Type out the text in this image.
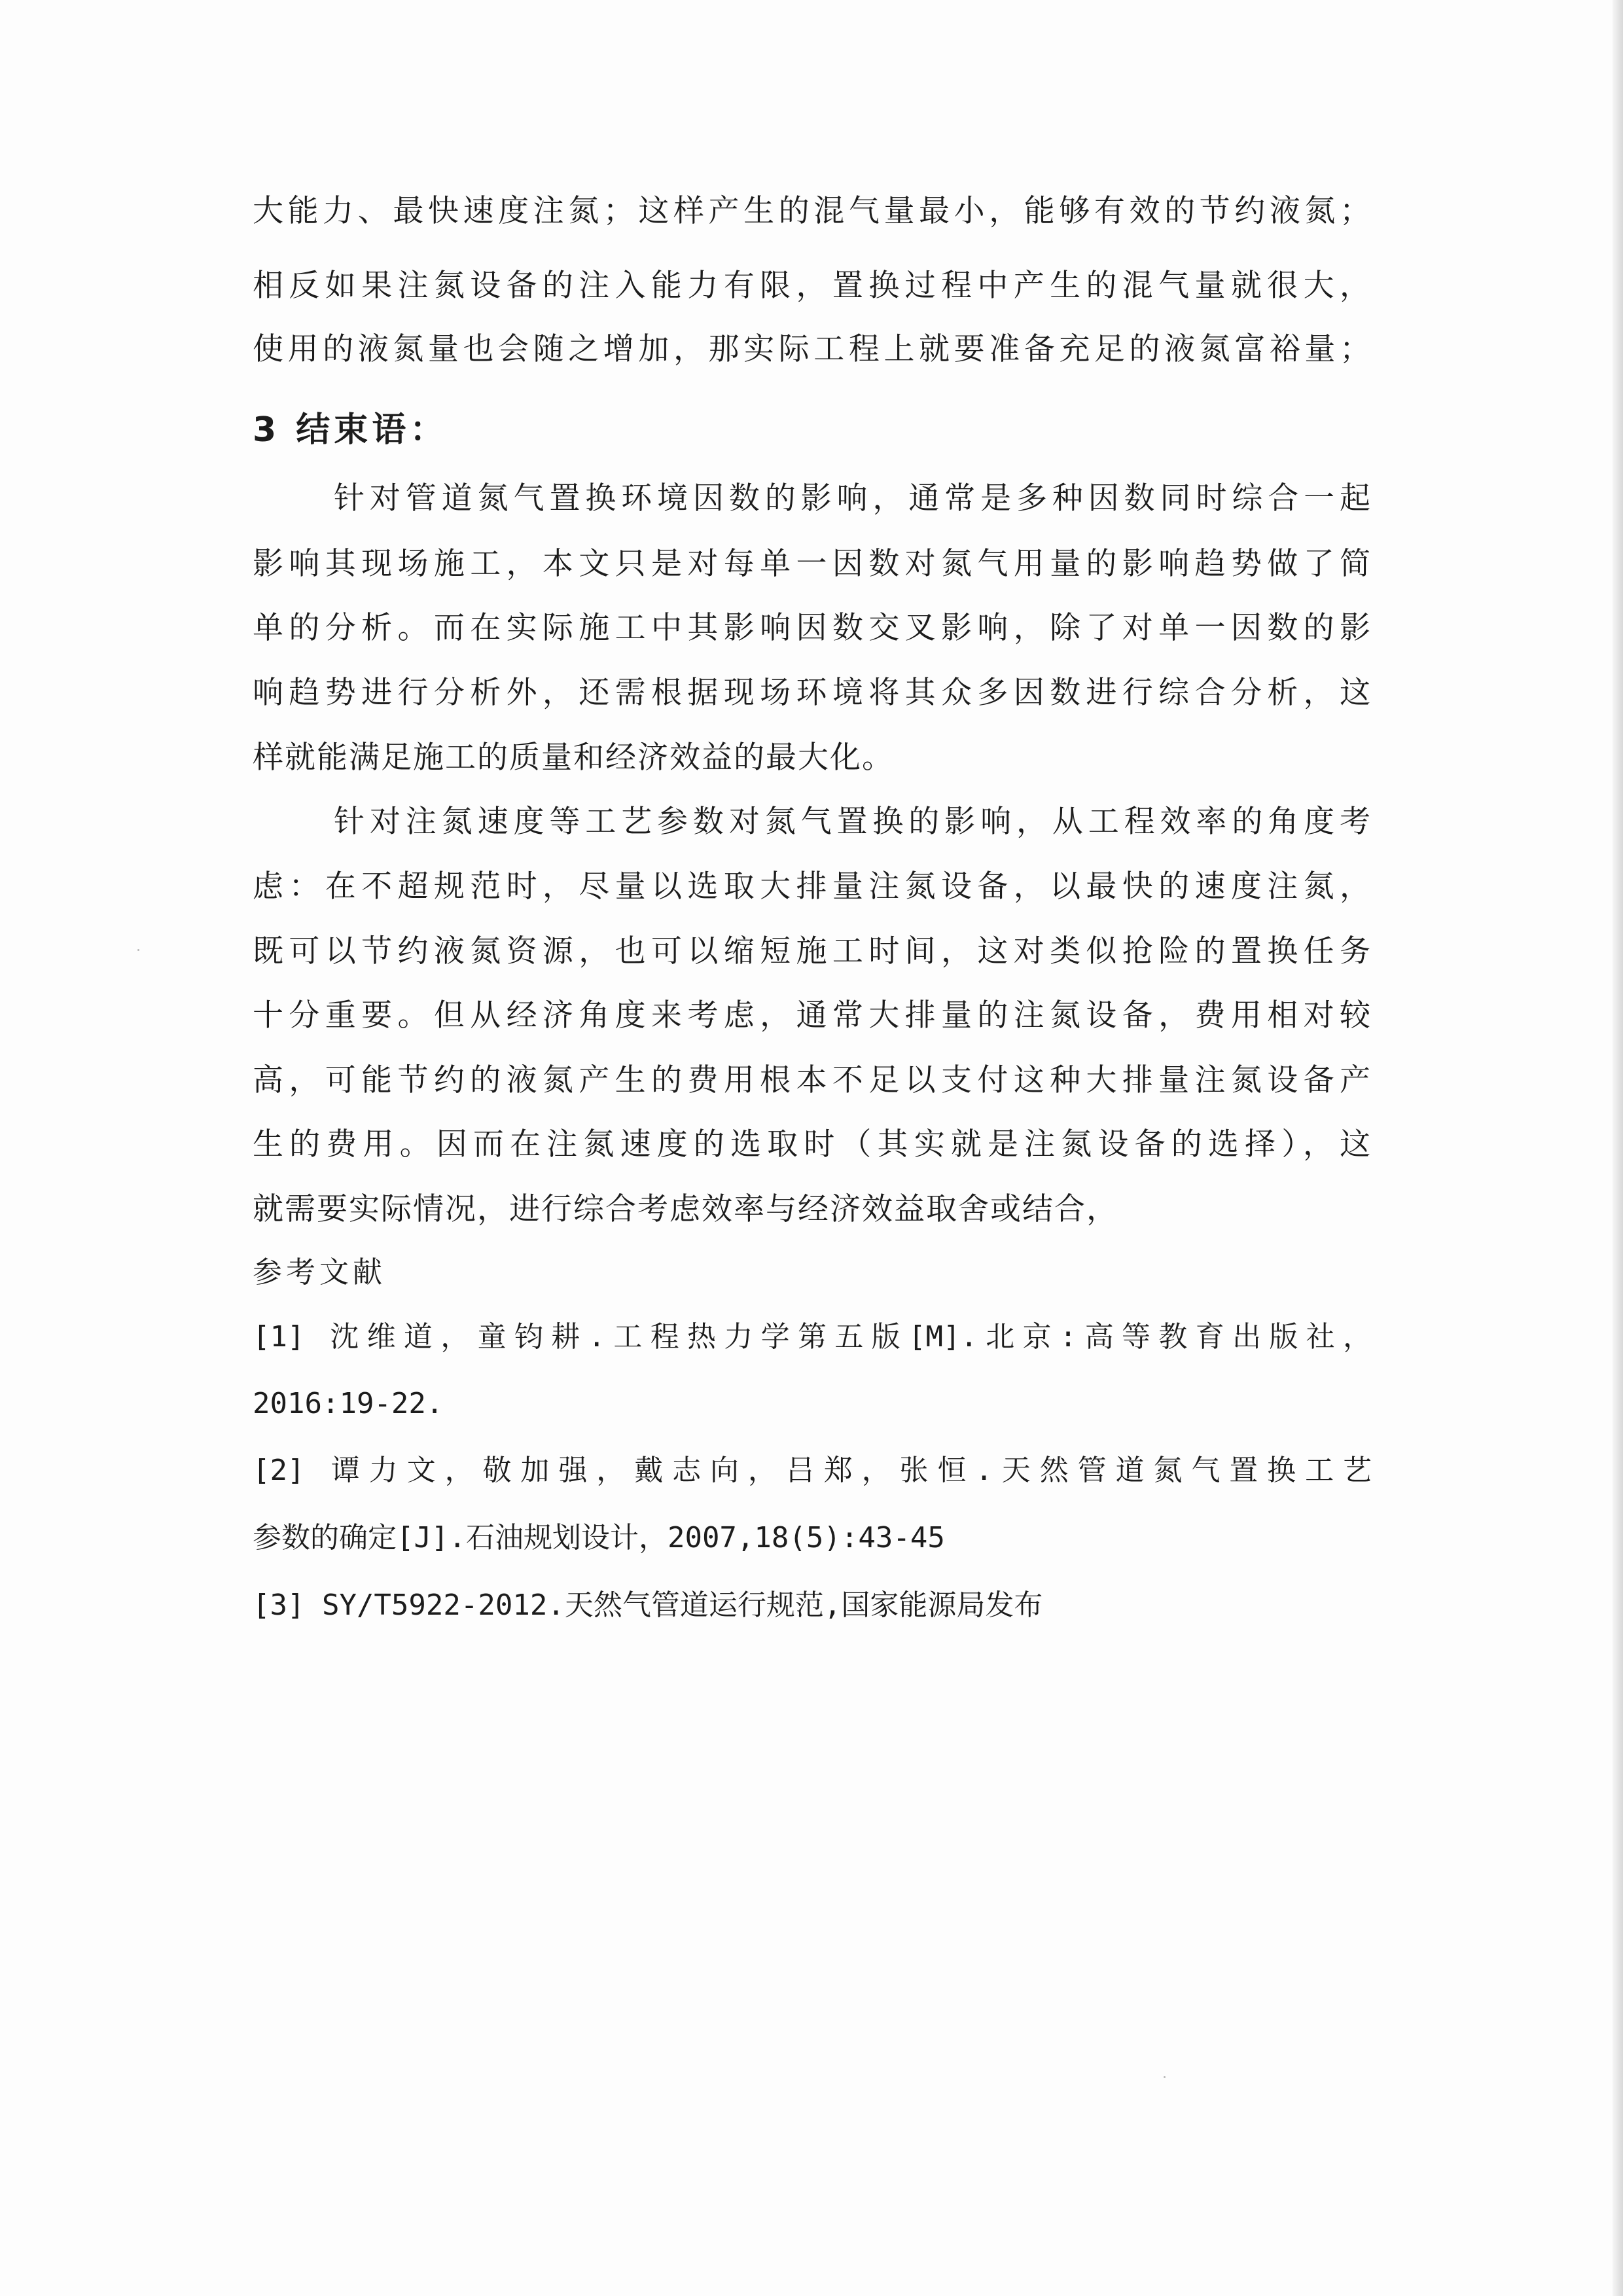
大能力、最快速度注氮；这样产生的混气量最小，能够有效的节约液氮；
相反如果注氮设备的注入能力有限，置换过程中产生的混气量就很大，
使用的液氮量也会随之增加，那实际工程上就要准备充足的液氮富裕量；
3 结束语：
针对管道氮气置换环境因数的影响，通常是多种因数同时综合一起
影响其现场施工，本文只是对每单一因数对氮气用量的影响趋势做了简
单的分析。而在实际施工中其影响因数交叉影响，除了对单一因数的影
响趋势进行分析外，还需根据现场环境将其众多因数进行综合分析，这
样就能满足施工的质量和经济效益的最大化。
针对注氮速度等工艺参数对氮气置换的影响，从工程效率的角度考
虑：在不超规范时，尽量以选取大排量注氮设备，以最快的速度注氮，
既可以节约液氮资源，也可以缩短施工时间，这对类似抢险的置换任务
十分重要。但从经济角度来考虑，通常大排量的注氮设备，费用相对较
高，可能节约的液氮产生的费用根本不足以支付这种大排量注氮设备产
生的费用。因而在注氮速度的选取时（其实就是注氮设备的选择），这
就需要实际情况，进行综合考虑效率与经济效益取舍或结合，
参考文献
[1] 沈维道，童钧耕.工程热力学第五版[M].北京:高等教育出版社，
2016:19-22.
[2] 谭力文，敬加强，戴志向，吕郑，张恒.天然管道氮气置换工艺
参数的确定[J].石油规划设计，2007,18(5):43-45
[3] SY/T5922-2012.天然气管道运行规范,国家能源局发布
